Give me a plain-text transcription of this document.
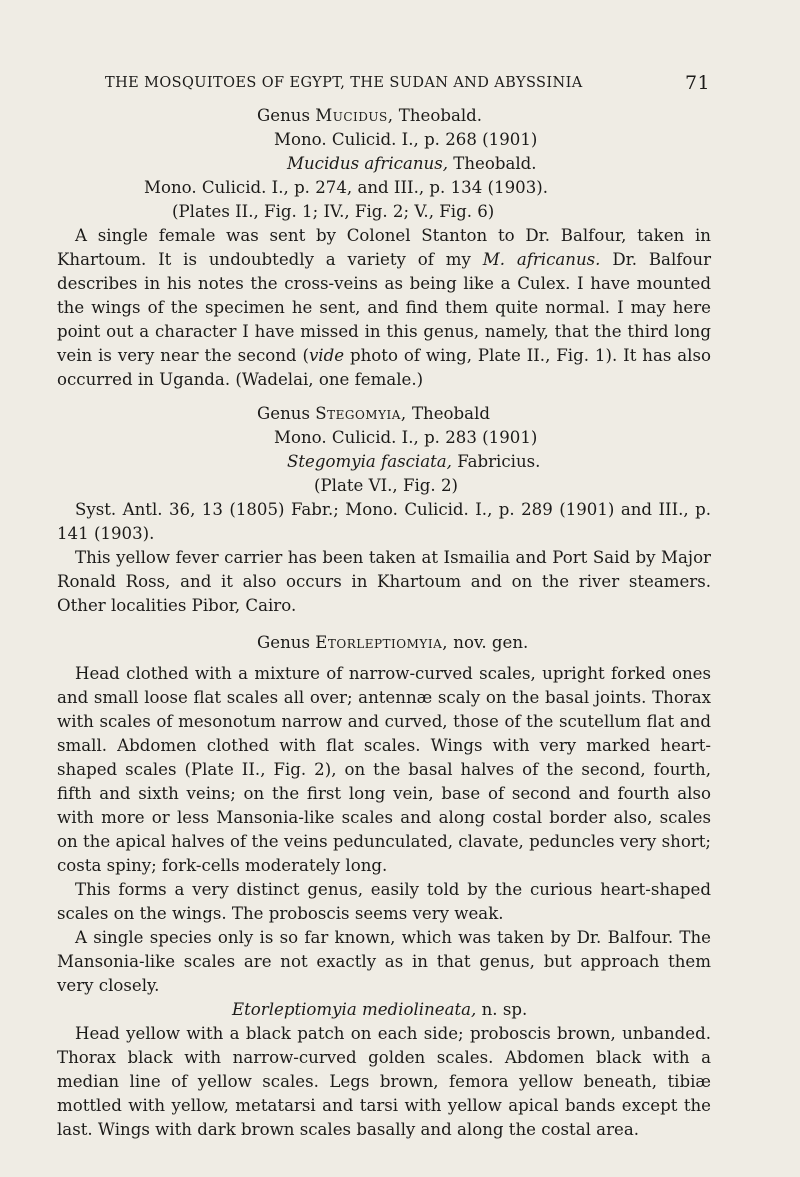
THE MOSQUITOES OF EGYPT, THE SUDAN AND ABYSSINIA	71
Genus Mucidus, Theobald.
Mono. Culicid. I., p. 268 (1901)
Mucidus africanus, Theobald.
Mono. Culicid. I., p. 274, and III., p. 134 (1903).
(Plates II., Fig. 1; IV., Fig. 2; V., Fig. 6)

A single female was sent by Colonel Stanton to Dr. Balfour, taken in Khartoum. It is undoubtedly a variety of my M. africanus. Dr. Balfour describes in his notes the cross-veins as being like a Culex. I have mounted the wings of the specimen he sent, and find them quite normal. I may here point out a character I have missed in this genus, namely, that the third long vein is very near the second (vide photo of wing, Plate II., Fig. 1). It has also occurred in Uganda. (Wadelai, one female.)

Genus Stegomyia, Theobald
Mono. Culicid. I., p. 283 (1901)
Stegomyia fasciata, Fabricius.
(Plate VI., Fig. 2)

Syst. Antl. 36, 13 (1805) Fabr.; Mono. Culicid. I., p. 289 (1901) and III., p. 141 (1903).

This yellow fever carrier has been taken at Ismailia and Port Said by Major Ronald Ross, and it also occurs in Khartoum and on the river steamers. Other localities Pibor, Cairo.

Genus Etorleptiomyia, nov. gen.

Head clothed with a mixture of narrow-curved scales, upright forked ones and small loose flat scales all over; antennæ scaly on the basal joints. Thorax with scales of mesonotum narrow and curved, those of the scutellum flat and small. Abdomen clothed with flat scales. Wings with very marked heart-shaped scales (Plate II., Fig. 2), on the basal halves of the second, fourth, fifth and sixth veins; on the first long vein, base of second and fourth also with more or less Mansonia-like scales and along costal border also, scales on the apical halves of the veins pedunculated, clavate, peduncles very short; costa spiny; fork-cells moderately long.

This forms a very distinct genus, easily told by the curious heart-shaped scales on the wings. The proboscis seems very weak.

A single species only is so far known, which was taken by Dr. Balfour. The Mansonia-like scales are not exactly as in that genus, but approach them very closely.

Etorleptiomyia mediolineata, n. sp.

Head yellow with a black patch on each side; proboscis brown, unbanded. Thorax black with narrow-curved golden scales. Abdomen black with a median line of yellow scales. Legs brown, femora yellow beneath, tibiæ mottled with yellow, metatarsi and tarsi with yellow apical bands except the last. Wings with dark brown scales basally and along the costal area.
